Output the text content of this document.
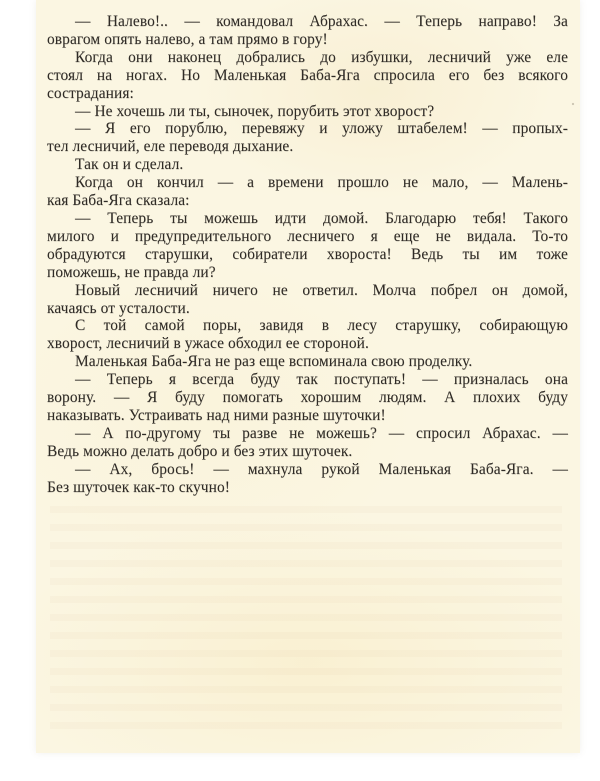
— Налево!.. — командовал Абрахас. — Теперь направо! За
оврагом опять налево, а там прямо в гору!
Когда они наконец добрались до избушки, лесничий уже еле
стоял на ногах. Но Маленькая Баба-Яга спросила его без всякого
сострадания:
— Не хочешь ли ты, сыночек, порубить этот хворост?
— Я его порублю, перевяжу и уложу штабелем! — пропых-
тел лесничий, еле переводя дыхание.
Так он и сделал.
Когда он кончил — а времени прошло не мало, — Малень-
кая Баба-Яга сказала:
— Теперь ты можешь идти домой. Благодарю тебя! Такого
милого и предупредительного лесничего я еще не видала. То-то
обрадуются старушки, собиратели хвороста! Ведь ты им тоже
поможешь, не правда ли?
Новый лесничий ничего не ответил. Молча побрел он домой,
качаясь от усталости.
С той самой поры, завидя в лесу старушку, собирающую
хворост, лесничий в ужасе обходил ее стороной.
Маленькая Баба-Яга не раз еще вспоминала свою проделку.
— Теперь я всегда буду так поступать! — призналась она
ворону. — Я буду помогать хорошим людям. А плохих буду
наказывать. Устраивать над ними разные шуточки!
— А по-другому ты разве не можешь? — спросил Абрахас. —
Ведь можно делать добро и без этих шуточек.
— Ах, брось! — махнула рукой Маленькая Баба-Яга. —
Без шуточек как-то скучно!
